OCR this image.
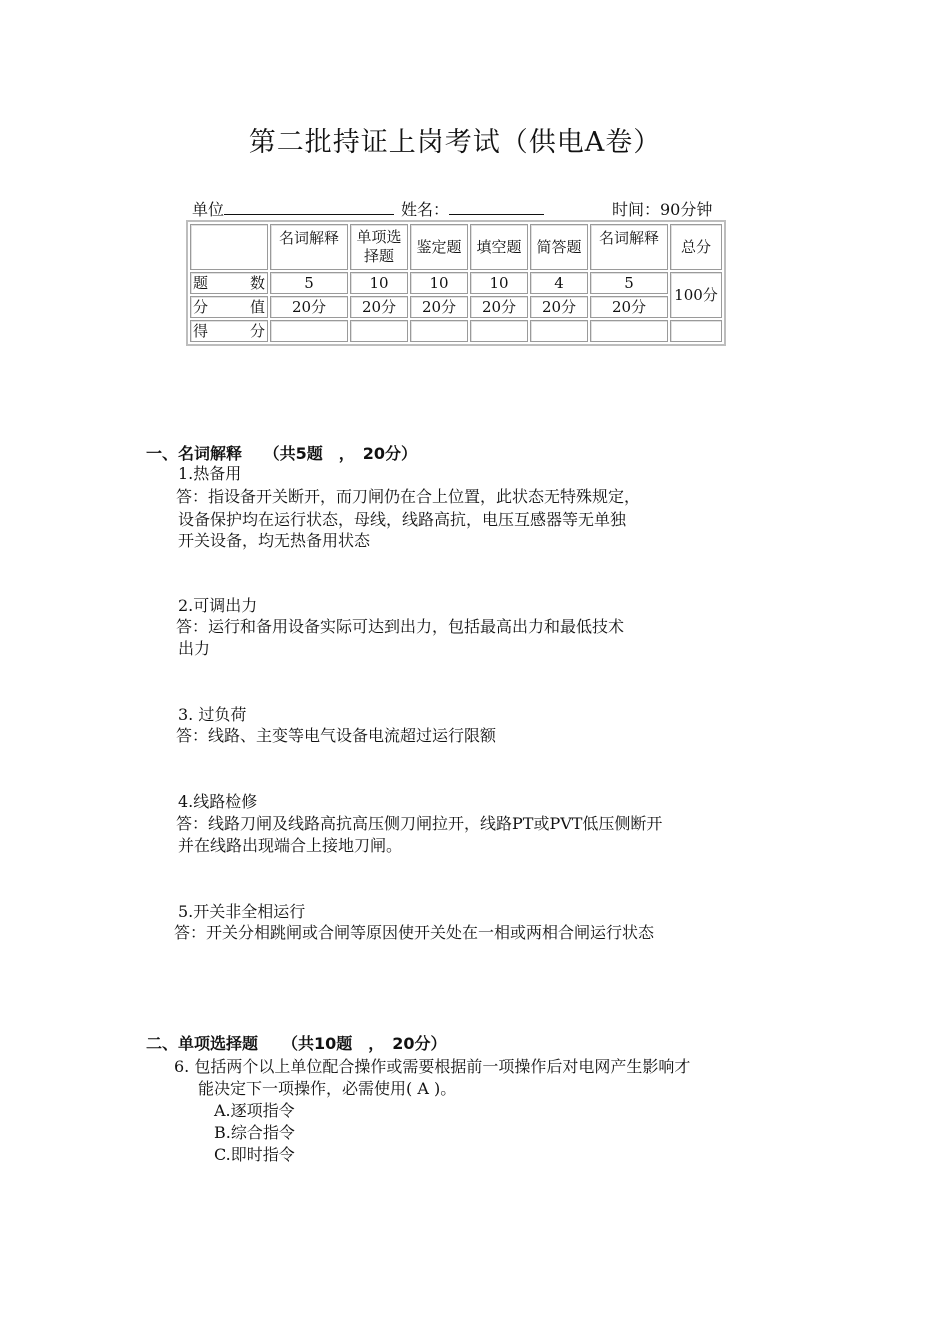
第二批持证上岗考试（供电A卷）
单位	姓名：	时间：90分钟
	名词解释	单项选择题	鉴定题	填空题	简答题	名词解释	总分
题　数	5	10	10	10	4	5	100分
分　值	20分	20分	20分	20分	20分	20分	
得　分							
一、名词解释　 （共5题　，　20分）
1.热备用
答：指设备开关断开，而刀闸仍在合上位置，此状态无特殊规定，
设备保护均在运行状态，母线，线路高抗，电压互感器等无单独
开关设备，均无热备用状态
2.可调出力
答：运行和备用设备实际可达到出力，包括最高出力和最低技术
出力
3. 过负荷
答：线路、主变等电气设备电流超过运行限额
4.线路检修
答：线路刀闸及线路高抗高压侧刀闸拉开，线路PT或PVT低压侧断开
并在线路出现端合上接地刀闸。
5.开关非全相运行
答：开关分相跳闸或合闸等原因使开关处在一相或两相合闸运行状态
二、单项选择题　　（共10题　，　20分）
6. 包括两个以上单位配合操作或需要根据前一项操作后对电网产生影响才
能决定下一项操作，必需使用( A )。
A.逐项指令
B.综合指令
C.即时指令
